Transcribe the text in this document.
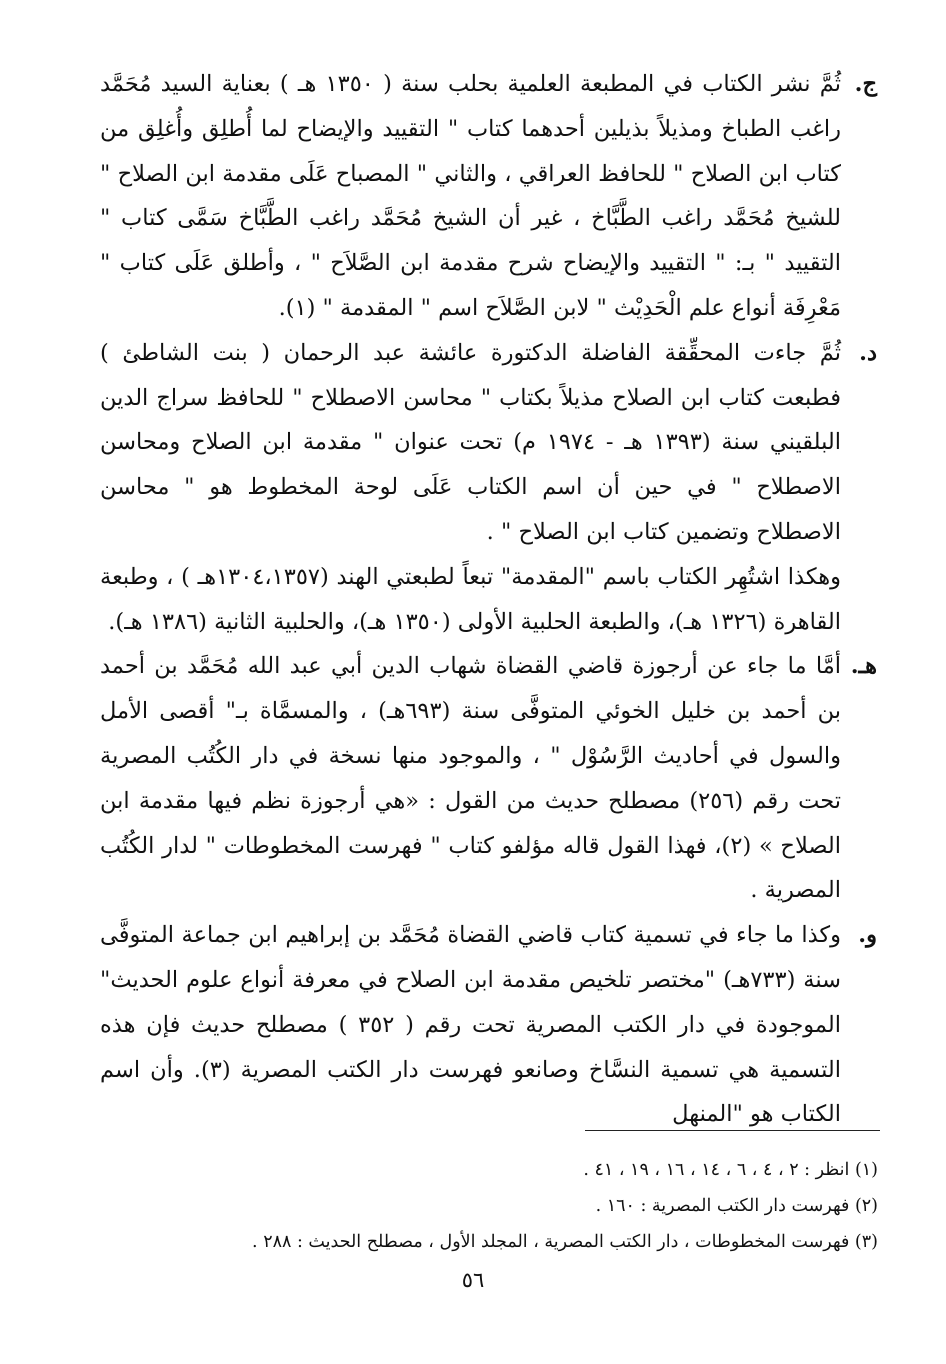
ج.
ثُمَّ نشر الكتاب في المطبعة العلمية بحلب سنة ( ١٣٥٠ هـ ) بعناية السيد مُحَمَّد راغب الطباخ ومذيلاً بذيلين أحدهما كتاب " التقييد والإيضاح لما أُطلِق وأُغلِق من كتاب ابن الصلاح " للحافظ العراقي ، والثاني " المصباح عَلَى مقدمة ابن الصلاح " للشيخ مُحَمَّد راغب الطَّبَّاخ ، غير أن الشيخ مُحَمَّد راغب الطَّبَّاخ سَمَّى كتاب " التقييد " بـ: " التقييد والإيضاح شرح مقدمة ابن الصَّلاَح " ، وأطلق عَلَى كتاب " مَعْرِفَة أنواع علم الْحَدِيْث " لابن الصَّلاَح اسم " المقدمة " (١).

د.
ثُمَّ جاءت المحقِّقة الفاضلة الدكتورة عائشة عبد الرحمان ( بنت الشاطئ ) فطبعت كتاب ابن الصلاح مذيلاً بكتاب " محاسن الاصطلاح " للحافظ سراج الدين البلقيني سنة (١٣٩٣ هـ - ١٩٧٤ م) تحت عنوان " مقدمة ابن الصلاح ومحاسن الاصطلاح " في حين أن اسم الكتاب عَلَى لوحة المخطوط هو " محاسن الاصطلاح وتضمين كتاب ابن الصلاح " .

وهكذا اشتُهِر الكتاب باسم "المقدمة" تبعاً لطبعتي الهند (١٣٠٤،١٣٥٧هـ ) ، وطبعة القاهرة (١٣٢٦ هـ)، والطبعة الحلبية الأولى (١٣٥٠ هـ)، والحلبية الثانية (١٣٨٦ هـ).

هـ.
أمَّا ما جاء عن أرجوزة قاضي القضاة شهاب الدين أبي عبد الله مُحَمَّد بن أحمد بن أحمد بن خليل الخوئي المتوفَّى سنة (٦٩٣هـ) ، والمسمَّاة بـ" أقصى الأمل والسول في أحاديث الرَّسُوْل " ، والموجود منها نسخة في دار الكُتُب المصرية تحت رقم (٢٥٦) مصطلح حديث من القول : «هي أرجوزة نظم فيها مقدمة ابن الصلاح » (٢)، فهذا القول قاله مؤلفو كتاب " فهرست المخطوطات " لدار الكُتُب المصرية .

و.
وكذا ما جاء في تسمية كتاب قاضي القضاة مُحَمَّد بن إبراهيم ابن جماعة المتوفَّى سنة (٧٣٣هـ) "مختصر تلخيص مقدمة ابن الصلاح في معرفة أنواع علوم الحديث" الموجودة في دار الكتب المصرية تحت رقم ( ٣٥٢ ) مصطلح حديث فإن هذه التسمية هي تسمية النسَّاخ وصانعو فهرست دار الكتب المصرية (٣). وأن اسم الكتاب هو "المنهل

(١) انظر : ٢ ، ٤ ، ٦ ، ١٤ ، ١٦ ، ١٩ ، ٤١ .

(٢) فهرست دار الكتب المصرية : ١٦٠ .

(٣) فهرست المخطوطات ، دار الكتب المصرية ، المجلد الأول ، مصطلح الحديث : ٢٨٨ .

٥٦
